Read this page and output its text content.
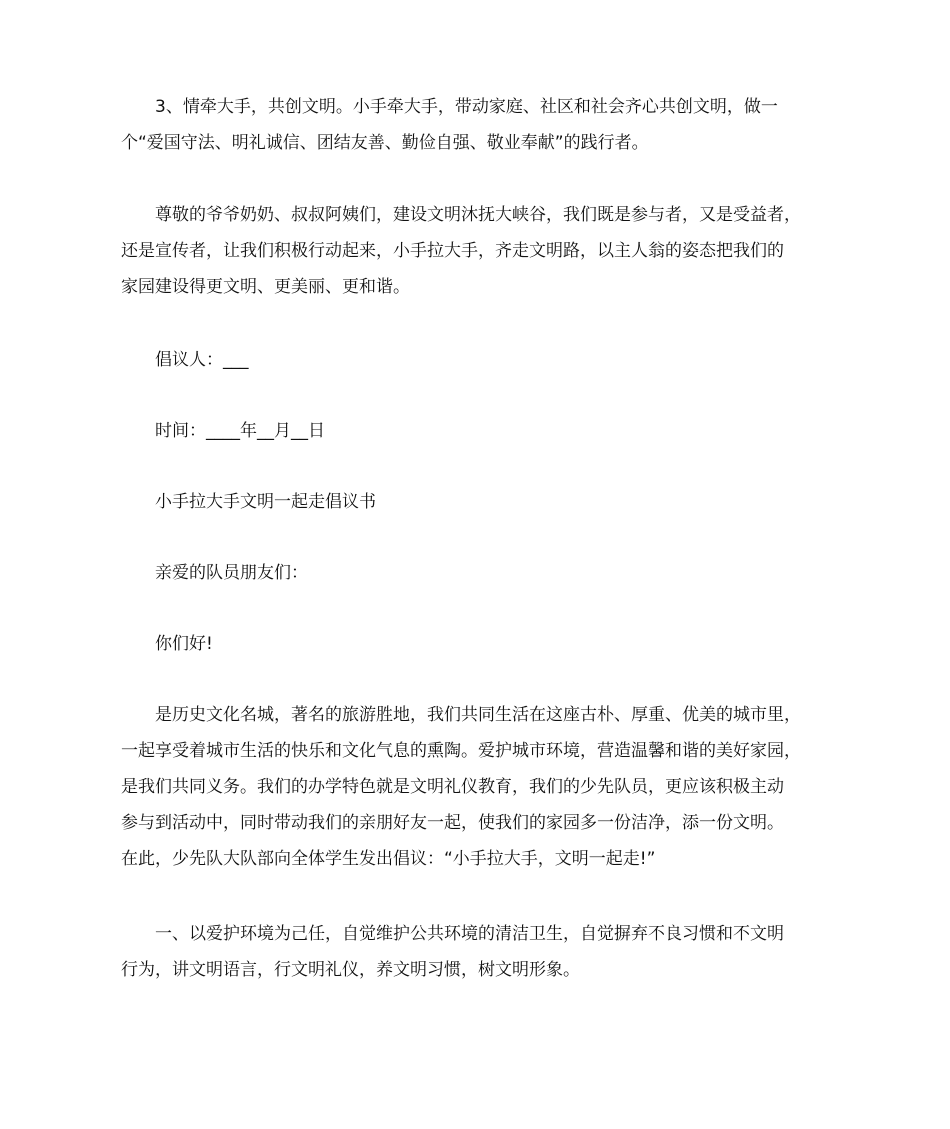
3、情牵大手，共创文明。小手牵大手，带动家庭、社区和社会齐心共创文明，做一
个“爱国守法、明礼诚信、团结友善、勤俭自强、敬业奉献”的践行者。
尊敬的爷爷奶奶、叔叔阿姨们，建设文明沐抚大峡谷，我们既是参与者，又是受益者，
还是宣传者，让我们积极行动起来，小手拉大手，齐走文明路，以主人翁的姿态把我们的
家园建设得更文明、更美丽、更和谐。
倡议人：___
时间：____年__月__日
小手拉大手文明一起走倡议书
亲爱的队员朋友们：
你们好!
是历史文化名城，著名的旅游胜地，我们共同生活在这座古朴、厚重、优美的城市里，
一起享受着城市生活的快乐和文化气息的熏陶。爱护城市环境，营造温馨和谐的美好家园，
是我们共同义务。我们的办学特色就是文明礼仪教育，我们的少先队员，更应该积极主动
参与到活动中，同时带动我们的亲朋好友一起，使我们的家园多一份洁净，添一份文明。
在此，少先队大队部向全体学生发出倡议：“小手拉大手，文明一起走!”
一、以爱护环境为己任，自觉维护公共环境的清洁卫生，自觉摒弃不良习惯和不文明
行为，讲文明语言，行文明礼仪，养文明习惯，树文明形象。
